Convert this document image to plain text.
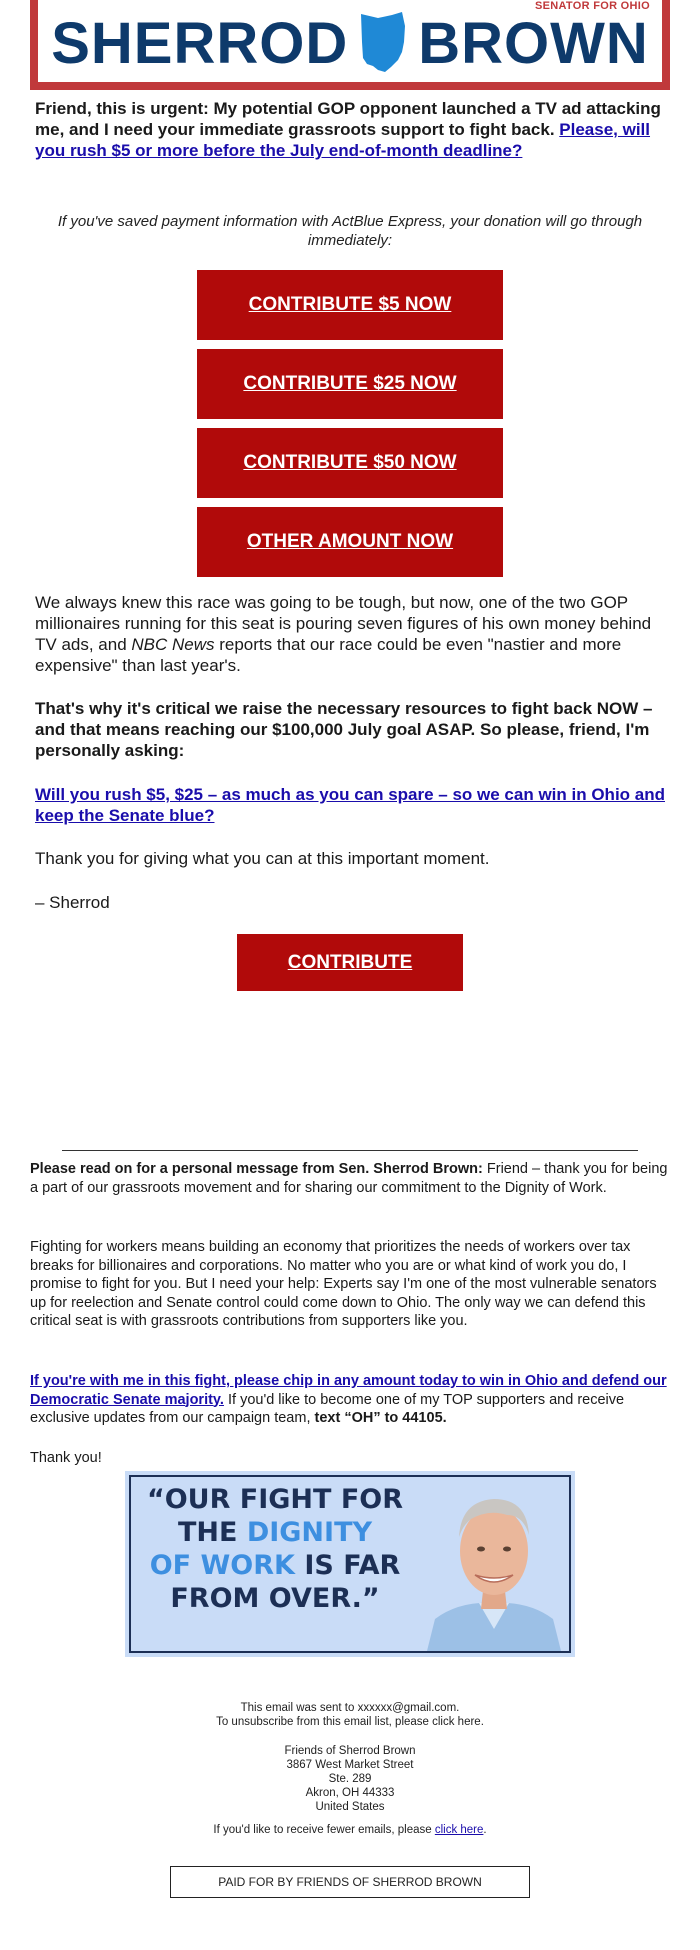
SENATOR FOR OHIO
SHERROD BROWN
Friend, this is urgent: My potential GOP opponent launched a TV ad attacking me, and I need your immediate grassroots support to fight back. Please, will you rush $5 or more before the July end-of-month deadline?
If you've saved payment information with ActBlue Express, your donation will go through immediately:
CONTRIBUTE $5 NOW
CONTRIBUTE $25 NOW
CONTRIBUTE $50 NOW
OTHER AMOUNT NOW
We always knew this race was going to be tough, but now, one of the two GOP millionaires running for this seat is pouring seven figures of his own money behind TV ads, and NBC News reports that our race could be even "nastier and more expensive" than last year's.
That's why it's critical we raise the necessary resources to fight back NOW – and that means reaching our $100,000 July goal ASAP. So please, friend, I'm personally asking:
Will you rush $5, $25 – as much as you can spare – so we can win in Ohio and keep the Senate blue?
Thank you for giving what you can at this important moment.
– Sherrod
CONTRIBUTE
Please read on for a personal message from Sen. Sherrod Brown: Friend – thank you for being a part of our grassroots movement and for sharing our commitment to the Dignity of Work.
Fighting for workers means building an economy that prioritizes the needs of workers over tax breaks for billionaires and corporations. No matter who you are or what kind of work you do, I promise to fight for you. But I need your help: Experts say I'm one of the most vulnerable senators up for reelection and Senate control could come down to Ohio. The only way we can defend this critical seat is with grassroots contributions from supporters like you.
If you're with me in this fight, please chip in any amount today to win in Ohio and defend our Democratic Senate majority. If you'd like to become one of my TOP supporters and receive exclusive updates from our campaign team, text “OH” to 44105.
Thank you!
“OUR FIGHT FOR
THE DIGNITY
OF WORK IS FAR
FROM OVER.”
This email was sent to xxxxxx@gmail.com.
To unsubscribe from this email list, please click here.
Friends of Sherrod Brown
3867 West Market Street
Ste. 289
Akron, OH 44333
United States
If you'd like to receive fewer emails, please click here.
PAID FOR BY FRIENDS OF SHERROD BROWN
